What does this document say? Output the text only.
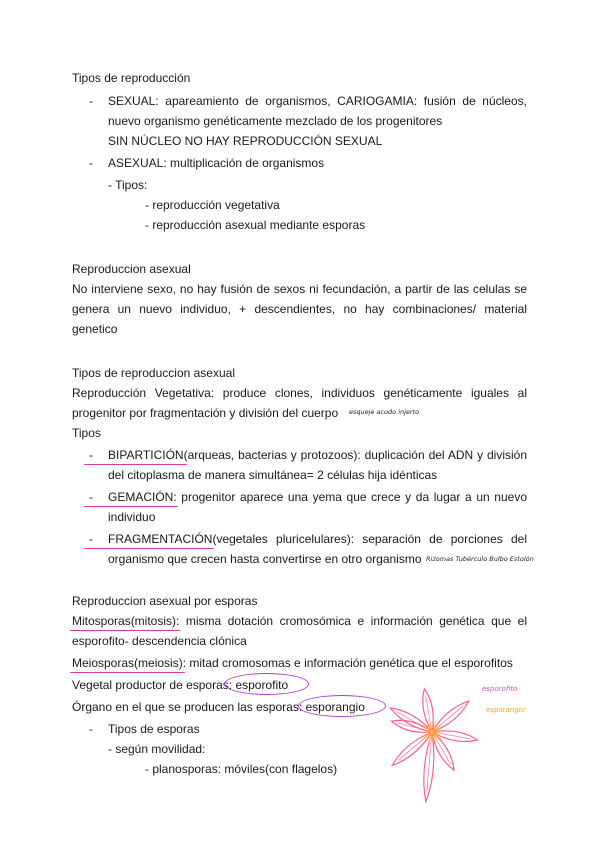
Tipos de reproducción
- SEXUAL: apareamiento de organismos, CARIOGAMIA: fusión de núcleos,
nuevo organismo genéticamente mezclado de los progenitores
SIN NÚCLEO NO HAY REPRODUCCIÓN SEXUAL
- ASEXUAL: multiplicación de organismos
- Tipos:
- reproducción vegetativa
- reproducción asexual mediante esporas
Reproduccion asexual
No interviene sexo, no hay fusión de sexos ni fecundación, a partir de las celulas se
genera un nuevo individuo, + descendientes, no hay combinaciones/ material
genetico
Tipos de reproduccion asexual
Reproducción Vegetativa: produce clones, individuos genéticamente iguales al
progenitor por fragmentación y división del cuerpo esqueje acodo injerto
Tipos
- BIPARTICIÓN(arqueas, bacterias y protozoos): duplicación del ADN y división
del citoplasma de manera simultánea= 2 células hija idénticas
- GEMACIÓN: progenitor aparece una yema que crece y da lugar a un nuevo
individuo
- FRAGMENTACIÓN(vegetales pluricelulares): separación de porciones del
organismo que crecen hasta convertirse en otro organismo Rizomas Tubérculo Bulbo Estolón
Reproduccion asexual por esporas
Mitosporas(mitosis): misma dotación cromosómica e información genética que el
esporofito- descendencia clónica
Meiosporas(meiosis): mitad cromosomas e información genética que el esporofitos
Vegetal productor de esporas: esporofito
Órgano en el que se producen las esporas: esporangio
- Tipos de esporas
- según movilidad:
- planosporas: móviles(con flagelos)
esporofito
esporangio
